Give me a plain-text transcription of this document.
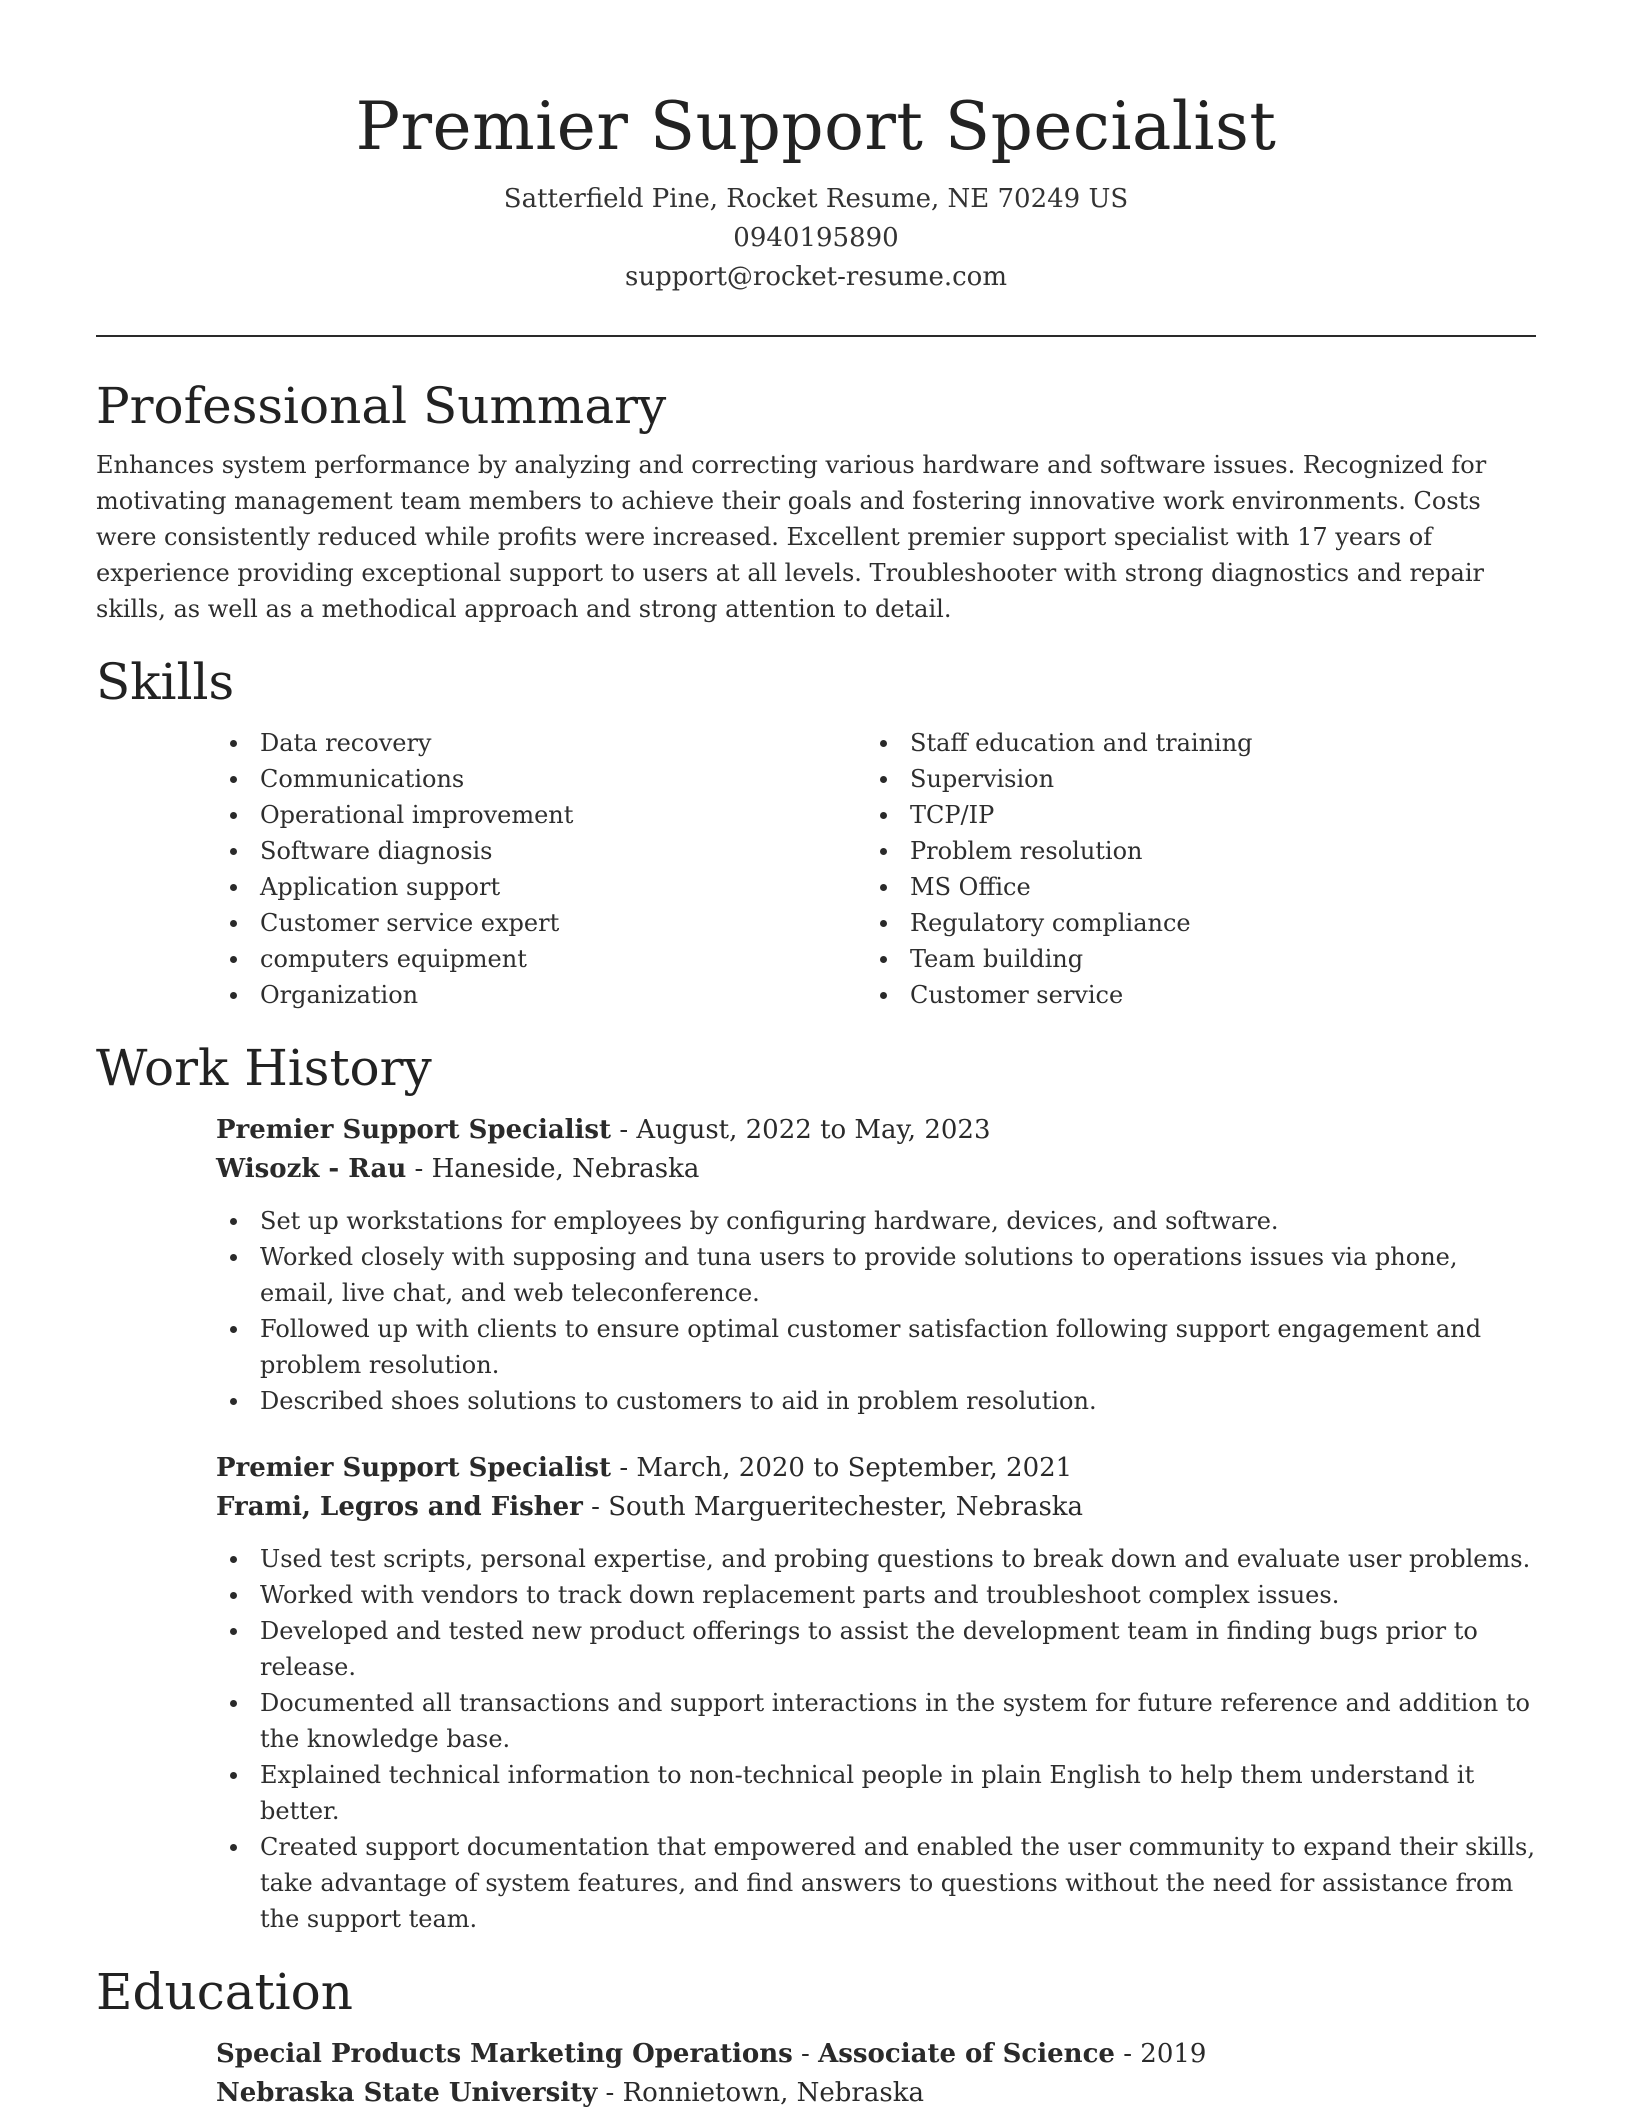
Premier Support Specialist
Satterfield Pine, Rocket Resume, NE 70249 US
0940195890
support@rocket-resume.com
Professional Summary

Enhances system performance by analyzing and correcting various hardware and software issues. Recognized for motivating management team members to achieve their goals and fostering innovative work environments. Costs were consistently reduced while profits were increased. Excellent premier support specialist with 17 years of experience providing exceptional support to users at all levels. Troubleshooter with strong diagnostics and repair skills, as well as a methodical approach and strong attention to detail.

Skills
Data recovery
Communications
Operational improvement
Software diagnosis
Application support
Customer service expert
computers equipment
Organization
Staff education and training
Supervision
TCP/IP
Problem resolution
MS Office
Regulatory compliance
Team building
Customer service
Work History
Premier Support Specialist - August, 2022 to May, 2023
Wisozk - Rau - Haneside, Nebraska
Set up workstations for employees by configuring hardware, devices, and software.
Worked closely with supposing and tuna users to provide solutions to operations issues via phone, email, live chat, and web teleconference.
Followed up with clients to ensure optimal customer satisfaction following support engagement and problem resolution.
Described shoes solutions to customers to aid in problem resolution.
Premier Support Specialist - March, 2020 to September, 2021
Frami, Legros and Fisher - South Margueritechester, Nebraska
Used test scripts, personal expertise, and probing questions to break down and evaluate user problems.
Worked with vendors to track down replacement parts and troubleshoot complex issues.
Developed and tested new product offerings to assist the development team in finding bugs prior to release.
Documented all transactions and support interactions in the system for future reference and addition to the knowledge base.
Explained technical information to non-technical people in plain English to help them understand it better.
Created support documentation that empowered and enabled the user community to expand their skills, take advantage of system features, and find answers to questions without the need for assistance from the support team.
Education
Special Products Marketing Operations - Associate of Science - 2019
Nebraska State University - Ronnietown, Nebraska
